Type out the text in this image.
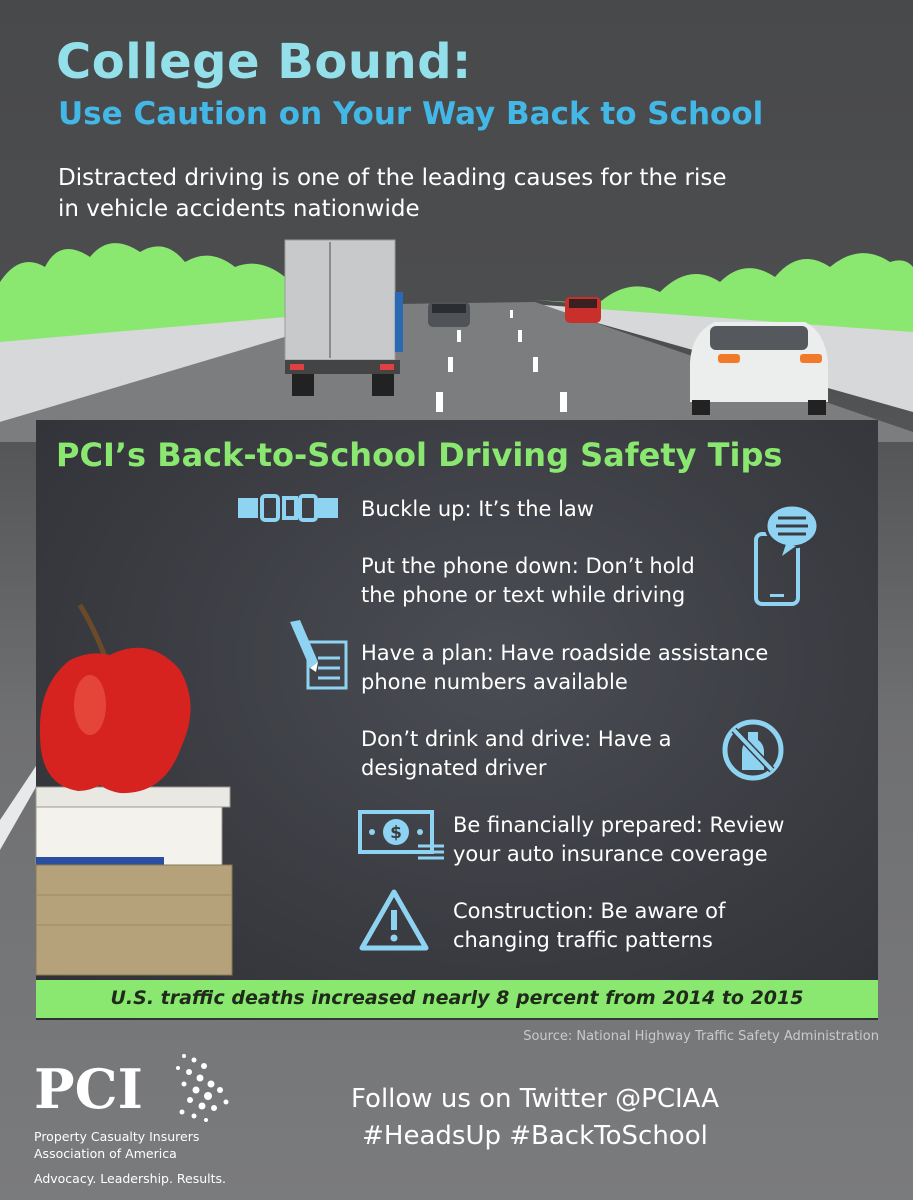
College Bound:
Use Caution on Your Way Back to School
Distracted driving is one of the leading causes for the rise
in vehicle accidents nationwide
PCI’s Back-to-School Driving Safety Tips
Buckle up: It’s the law
Put the phone down: Don’t hold
the phone or text while driving
Have a plan: Have roadside assistance
phone numbers available
Don’t drink and drive: Have a
designated driver
$ Be financially prepared: Review
your auto insurance coverage
Construction: Be aware of
changing traffic patterns
U.S. traffic deaths increased nearly 8 percent from 2014 to 2015
Source: National Highway Traffic Safety Administration
PCI
Property Casualty Insurers
Association of America
Advocacy. Leadership. Results.
Follow us on Twitter @PCIAA
#HeadsUp #BackToSchool
